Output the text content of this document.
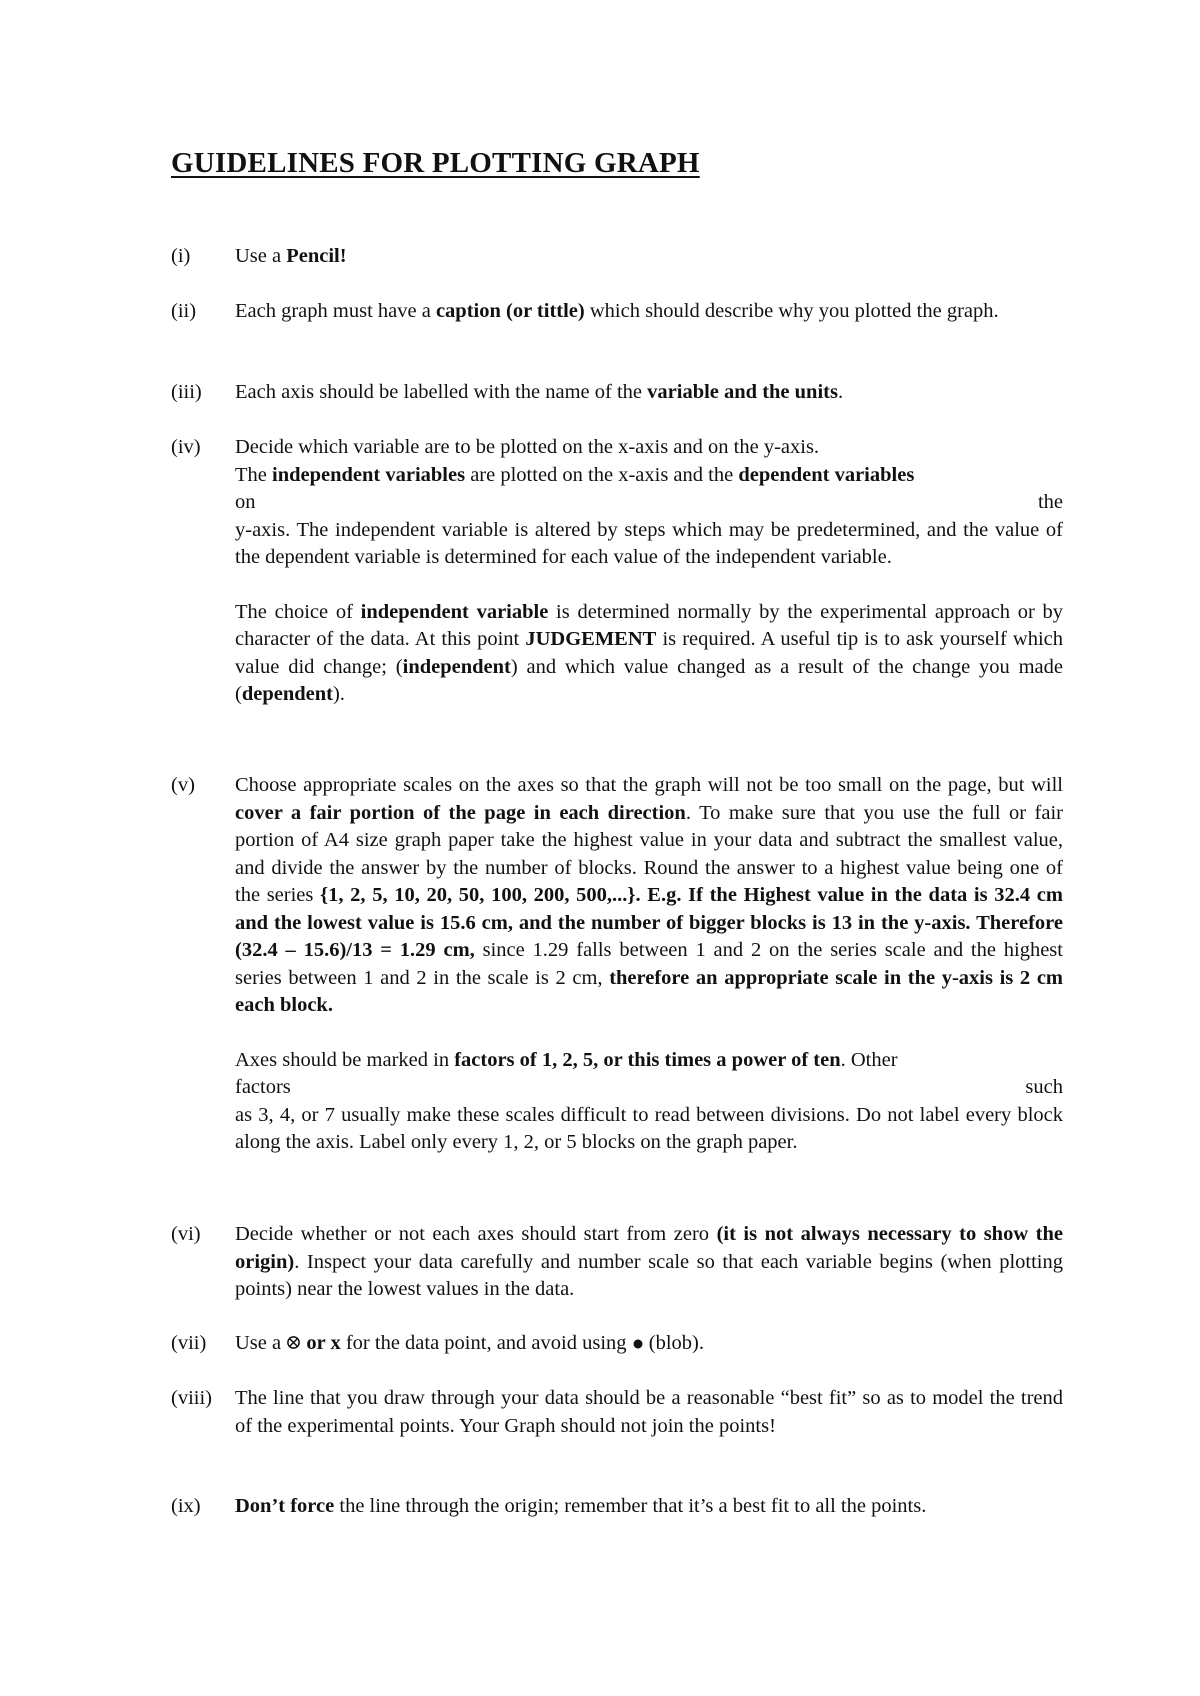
GUIDELINES FOR PLOTTING GRAPH
(i) Use a Pencil!
(ii) Each graph must have a caption (or tittle) which should describe why you plotted the graph.
(iii) Each axis should be labelled with the name of the variable and the units.
(iv) Decide which variable are to be plotted on the x-axis and on the y-axis.

The independent variables are plotted on the x-axis and the dependent variables

on	the

y-axis. The independent variable is altered by steps which may be predetermined, and the value of the dependent variable is determined for each value of the independent variable.

The choice of independent variable is determined normally by the experimental approach or by character of the data. At this point JUDGEMENT is required. A useful tip is to ask yourself which value did change; (independent) and which value changed as a result of the change you made (dependent).

(v) Choose appropriate scales on the axes so that the graph will not be too small on the page, but will cover a fair portion of the page in each direction. To make sure that you use the full or fair portion of A4 size graph paper take the highest value in your data and subtract the smallest value, and divide the answer by the number of blocks. Round the answer to a highest value being one of the series {1, 2, 5, 10, 20, 50, 100, 200, 500,...}. E.g. If the Highest value in the data is 32.4 cm and the lowest value is 15.6 cm, and the number of bigger blocks is 13 in the y-axis. Therefore (32.4 – 15.6)/13 = 1.29 cm, since 1.29 falls between 1 and 2 on the series scale and the highest series between 1 and 2 in the scale is 2 cm, therefore an appropriate scale in the y-axis is 2 cm each block.

Axes should be marked in factors of 1, 2, 5, or this times a power of ten. Other

factors	such

as 3, 4, or 7 usually make these scales difficult to read between divisions. Do not label every block along the axis. Label only every 1, 2, or 5 blocks on the graph paper.

(vi) Decide whether or not each axes should start from zero (it is not always necessary to show the origin). Inspect your data carefully and number scale so that each variable begins (when plotting points) near the lowest values in the data.
(vii) Use a  or x for the data point, and avoid using  (blob).
(viii) The line that you draw through your data should be a reasonable “best fit” so as to model the trend of the experimental points. Your Graph should not join the points!
(ix) Don’t force the line through the origin; remember that it’s a best fit to all the points.
